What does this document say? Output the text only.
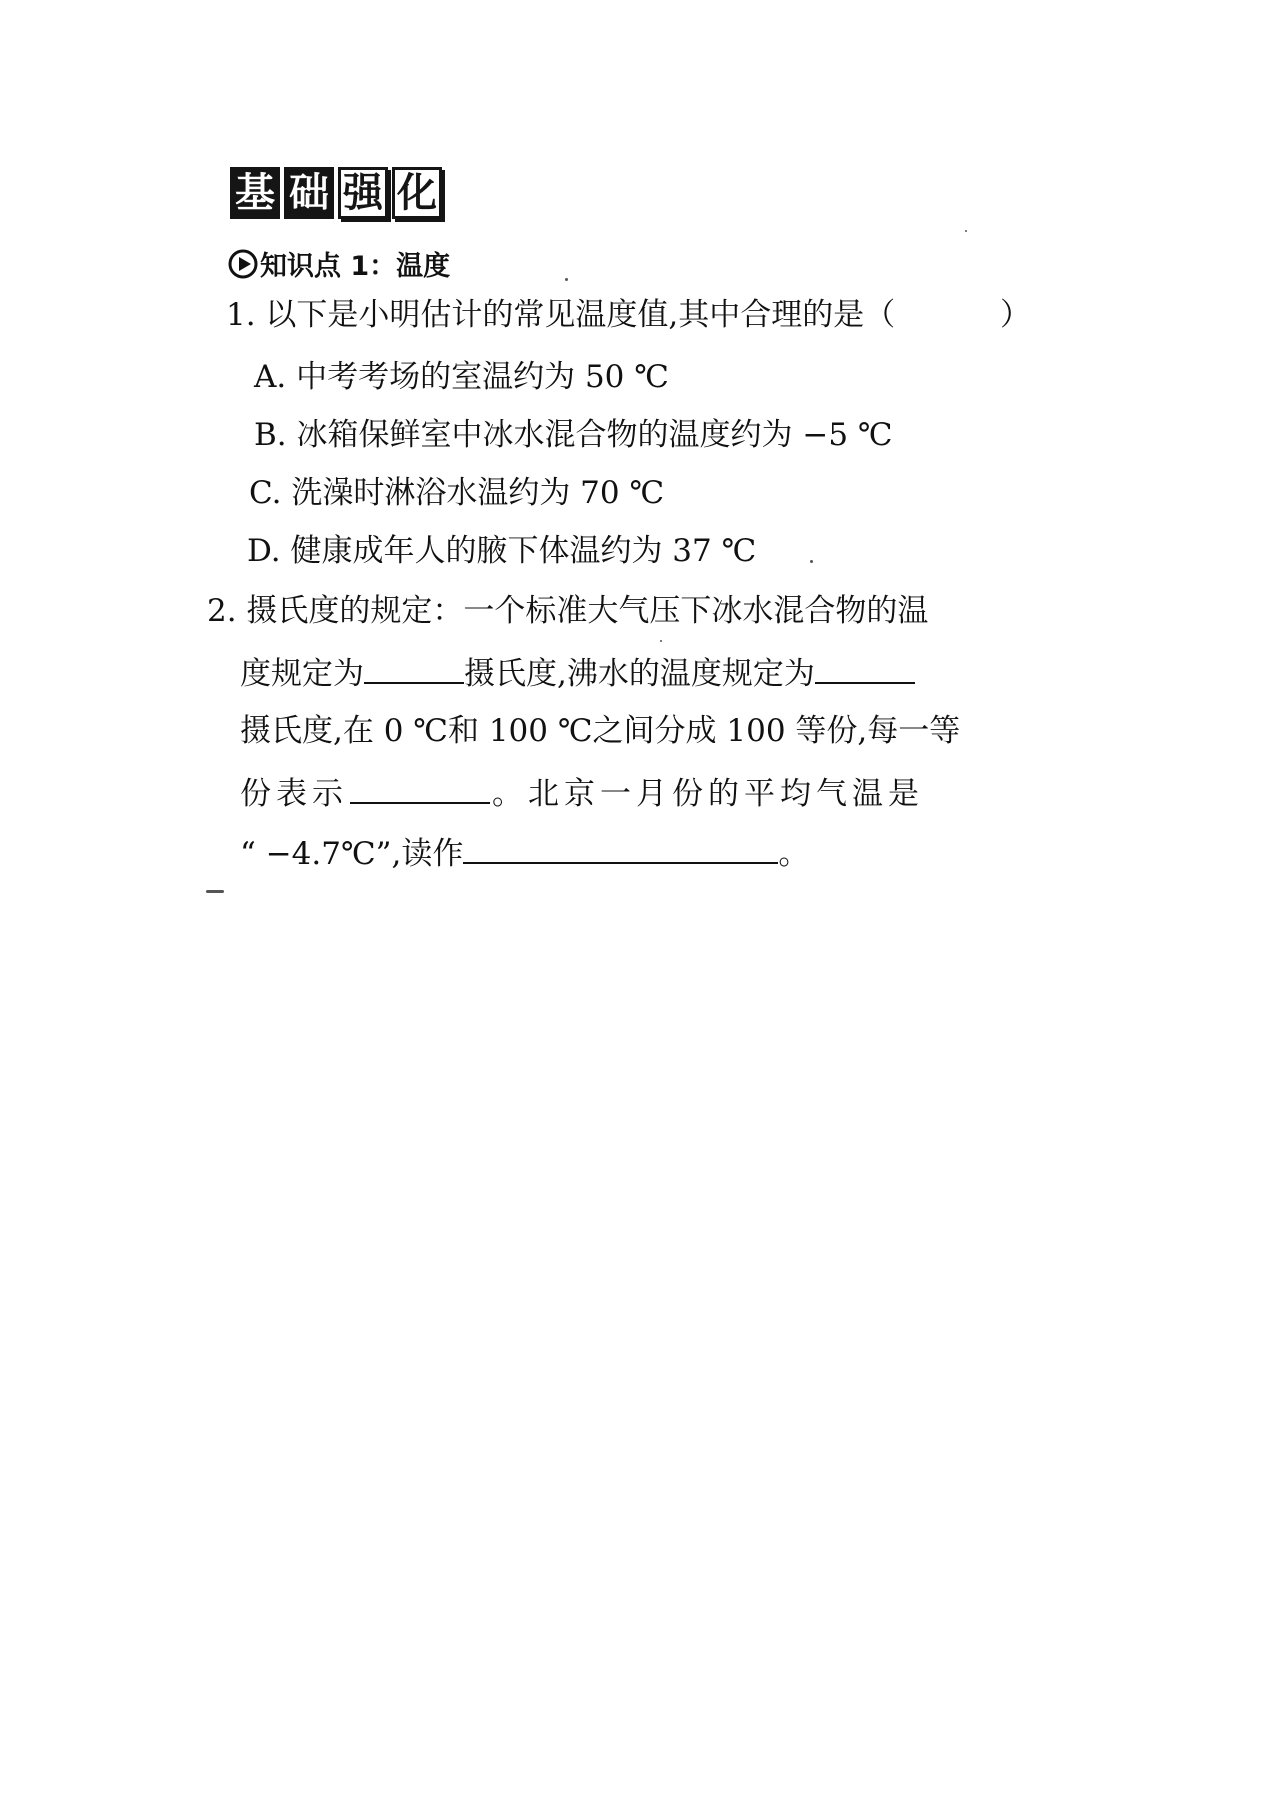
基 础 强 化
知识点 1：温度
1. 以下是小明估计的常见温度值,其中合理的是（	）
A. 中考考场的室温约为 50 ℃
B. 冰箱保鲜室中冰水混合物的温度约为 −5 ℃
C. 洗澡时淋浴水温约为 70 ℃
D. 健康成年人的腋下体温约为 37 ℃
2. 摄氏度的规定：一个标准大气压下冰水混合物的温
度规定为	摄氏度,沸水的温度规定为
摄氏度,在 0 ℃和 100 ℃之间分成 100 等份,每一等
份表示	。北京一月份的平均气温是
“ −4.7℃”,读作	。
